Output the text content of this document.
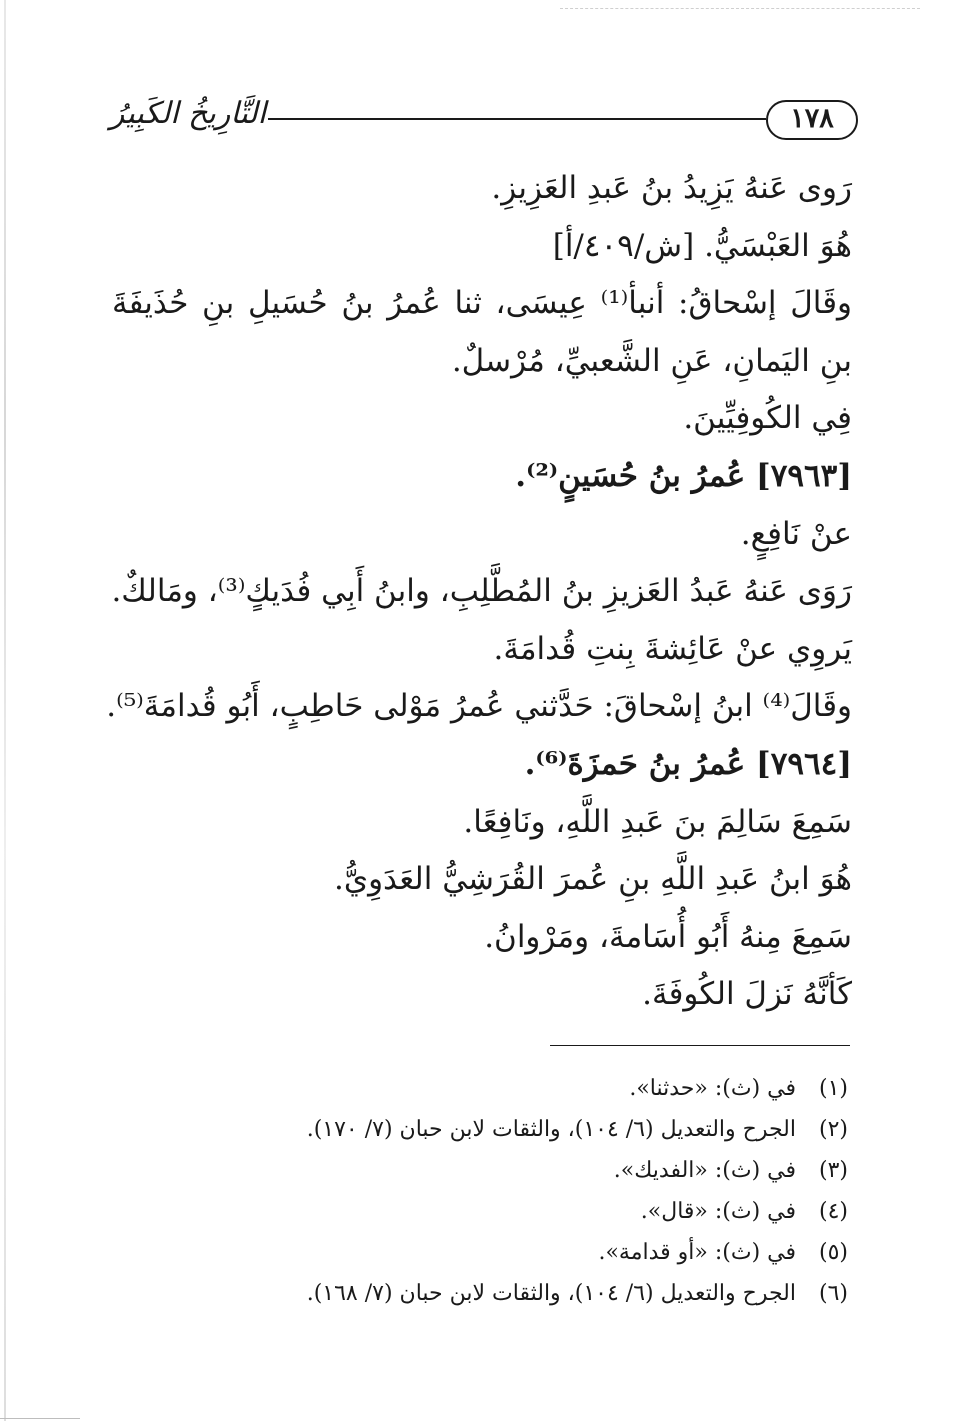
التَّارِيخُ الكَبِيرُ	١٧٨
رَوى عَنهُ يَزِيدُ بنُ عَبدِ العَزِيزِ.
هُوَ العَبْسَيُّ. [ش/٤٠٩/أ]
وقَالَ إسْحاقُ: أنبأ⁽¹⁾ عِيسَى، ثنا عُمرُ بنُ حُسَيلِ بنِ حُذَيفَةَ بنِ اليَمانِ، عَنِ الشَّعبيِّ، مُرْسلٌ.
فِي الكُوفِيِّينَ.
[٧٩٦٣] عُمرُ بنُ حُسَينٍ⁽²⁾.
عنْ نَافِعٍ.
رَوَى عَنهُ عَبدُ العَزيزِ بنُ المُطَّلِبِ، وابنُ أَبِي فُدَيكٍ⁽³⁾، ومَالكٌ.
يَروِي عنْ عَائِشةَ بِنتِ قُدامَةَ.
وقَالَ⁽⁴⁾ ابنُ إسْحاقَ: حَدَّثني عُمرُ مَوْلى حَاطِبٍ، أَبُو قُدامَةَ⁽⁵⁾.
[٧٩٦٤] عُمرُ بنُ حَمزَةَ⁽⁶⁾.
سَمِعَ سَالِمَ بنَ عَبدِ اللَّهِ، ونَافِعًا.
هُوَ ابنُ عَبدِ اللَّهِ بنِ عُمرَ القُرَشِيُّ العَدَوِيُّ.
سَمِعَ مِنهُ أَبُو أُسَامةَ، ومَرْوانُ.
كَأنَّهُ نَزلَ الكُوفَةَ.
(١)
في (ث): «حدثنا».
(٢)
الجرح والتعديل (٦/ ١٠٤)، والثقات لابن حبان (٧/ ١٧٠).
(٣)
في (ث): «الفديك».
(٤)
في (ث): «قال».
(٥)
في (ث): «أو قدامة».
(٦)
الجرح والتعديل (٦/ ١٠٤)، والثقات لابن حبان (٧/ ١٦٨).
